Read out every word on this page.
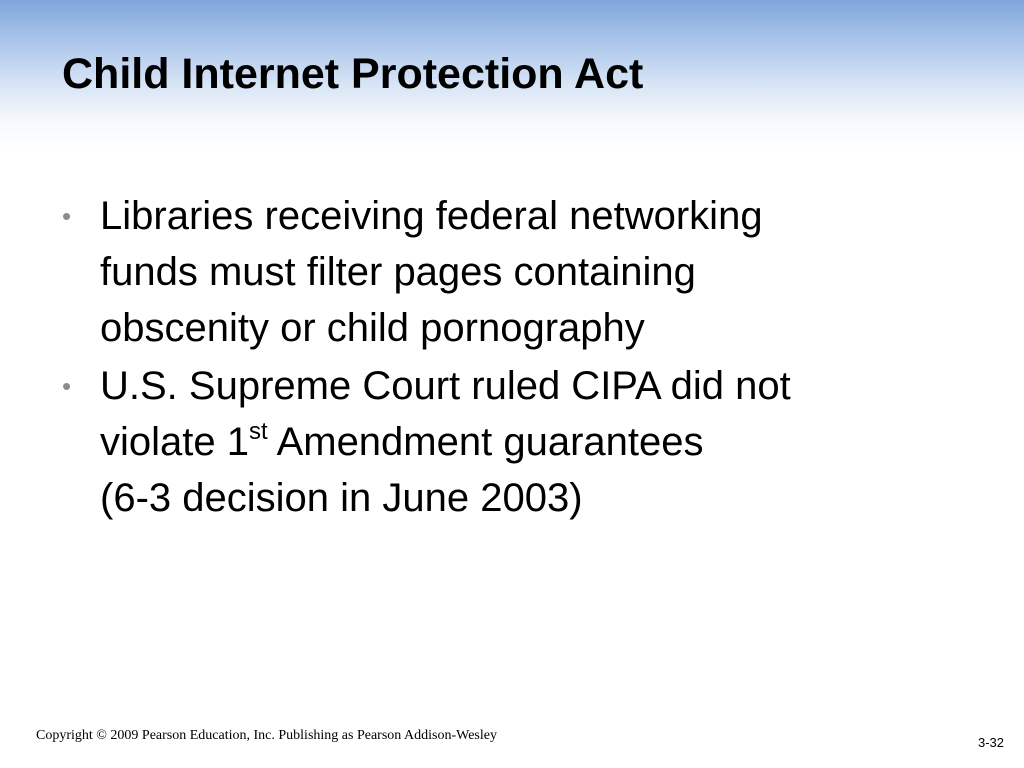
Child Internet Protection Act
• Libraries receiving federal networking
funds must filter pages containing
obscenity or child pornography
• U.S. Supreme Court ruled CIPA did not
violate 1st Amendment guarantees
(6-3 decision in June 2003)
Copyright © 2009 Pearson Education, Inc. Publishing as Pearson Addison-Wesley	3-32
